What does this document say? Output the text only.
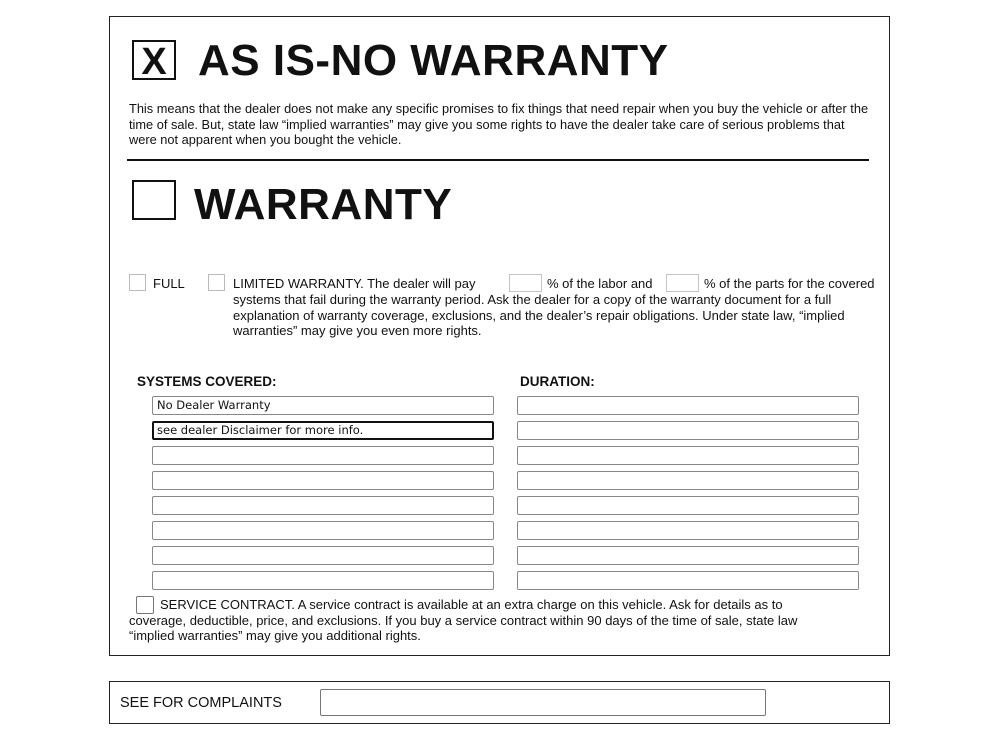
X AS IS-NO WARRANTY
This means that the dealer does not make any specific promises to fix things that need repair when you buy the vehicle or after the time of sale. But, state law “implied warranties” may give you some rights to have the dealer take care of serious problems that were not apparent when you bought the vehicle.
WARRANTY
FULL	LIMITED WARRANTY. The dealer will pay	% of the labor and	% of the parts for the covered
systems that fail during the warranty period. Ask the dealer for a copy of the warranty document for a full explanation of warranty coverage, exclusions, and the dealer’s repair obligations. Under state law, “implied warranties” may give you even more rights.
SYSTEMS COVERED:	DURATION:
No Dealer Warranty
see dealer Disclaimer for more info.
SERVICE CONTRACT. A service contract is available at an extra charge on this vehicle. Ask for details as to coverage, deductible, price, and exclusions. If you buy a service contract within 90 days of the time of sale, state law “implied warranties” may give you additional rights.
SEE FOR COMPLAINTS
